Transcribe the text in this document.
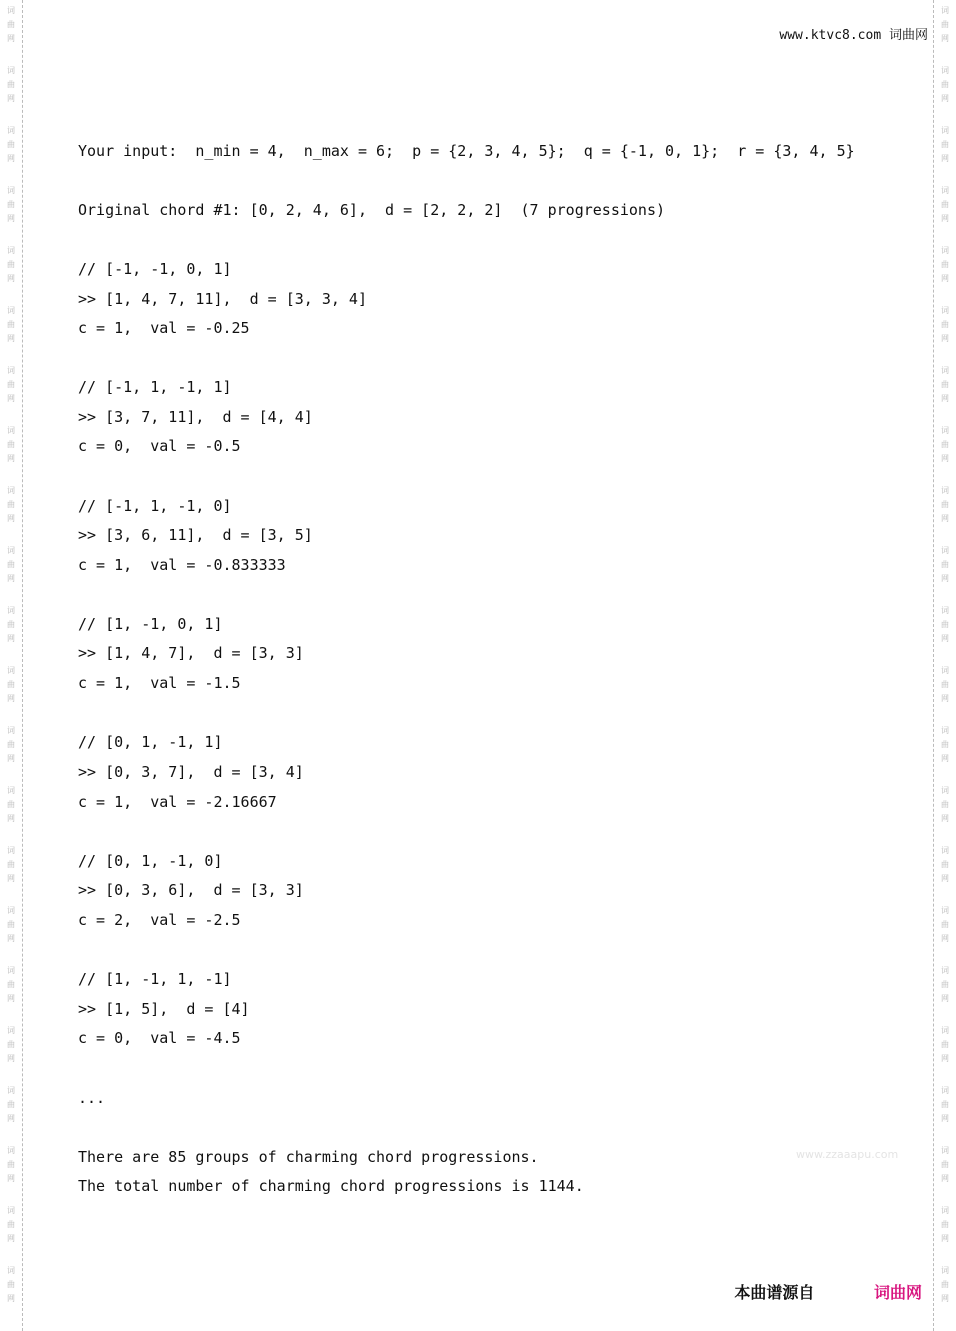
词
曲
网
词
曲
网
词
曲
网
词
曲
网
词
曲
网
词
曲
网
词
曲
网
词
曲
网
词
曲
网
词
曲
网
词
曲
网
词
曲
网
词
曲
网
词
曲
网
词
曲
网
词
曲
网
词
曲
网
词
曲
网
词
曲
网
词
曲
网
词
曲
网
词
曲
网
词
曲
网
词
曲
网
词
曲
网
词
曲
网
词
曲
网
词
曲
网
词
曲
网
词
曲
网
词
曲
网
词
曲
网
词
曲
网
词
曲
网
词
曲
网
词
曲
网
词
曲
网
词
曲
网
词
曲
网
词
曲
网
词
曲
网
词
曲
网
词
曲
网
词
曲
网
www.ktvc8.com 词曲网

Your input:  n_min = 4,  n_max = 6;  p = {2, 3, 4, 5};  q = {-1, 0, 1};  r = {3, 4, 5}

Original chord #1: [0, 2, 4, 6],  d = [2, 2, 2]  (7 progressions)

// [-1, -1, 0, 1]

>> [1, 4, 7, 11],  d = [3, 3, 4]

c = 1,  val = -0.25

// [-1, 1, -1, 1]

>> [3, 7, 11],  d = [4, 4]

c = 0,  val = -0.5

// [-1, 1, -1, 0]

>> [3, 6, 11],  d = [3, 5]

c = 1,  val = -0.833333

// [1, -1, 0, 1]

>> [1, 4, 7],  d = [3, 3]

c = 1,  val = -1.5

// [0, 1, -1, 1]

>> [0, 3, 7],  d = [3, 4]

c = 1,  val = -2.16667

// [0, 1, -1, 0]

>> [0, 3, 6],  d = [3, 3]

c = 2,  val = -2.5

// [1, -1, 1, -1]

>> [1, 5],  d = [4]

c = 0,  val = -4.5

...

There are 85 groups of charming chord progressions.

The total number of charming chord progressions is 1144.

www.zzaaapu.com
本曲谱源自	词曲网
